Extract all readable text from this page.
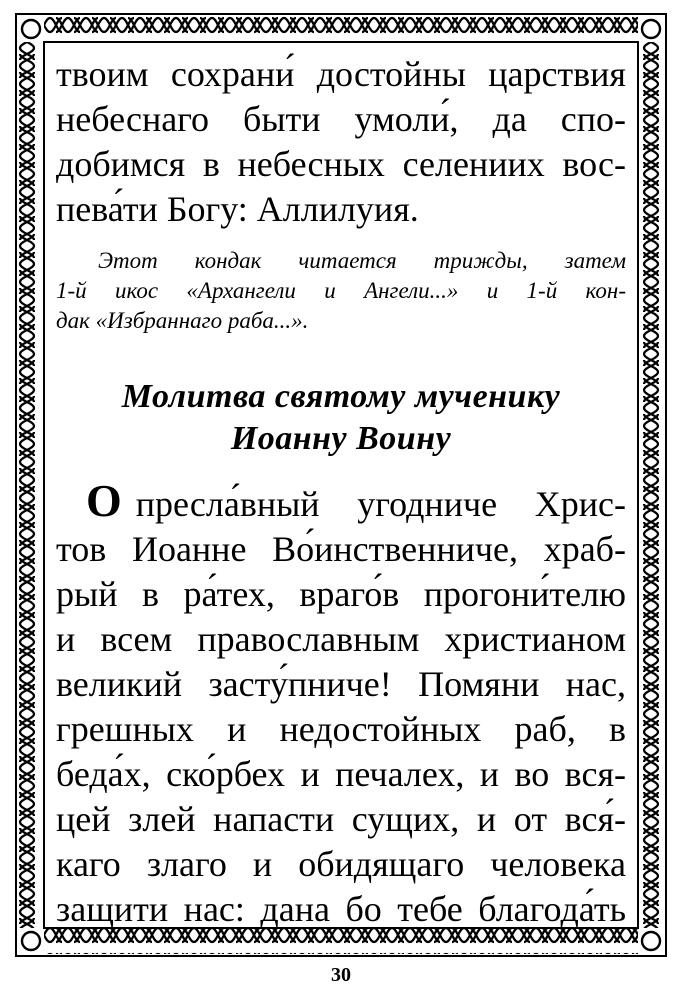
твоим сохрани́ достойны царствия
небеснаго быти умоли́, да спо-
добимся в небесных селениих вос-
пева́ти Богу: Аллилуия.
Этот кондак читается трижды, затем
1-й икос «Архангели и Ангели...» и 1-й кон-
дак «Избраннаго раба...».
Молитва святому мученику
Иоанну Воину
О пресла́вный угодниче Хрис-
тов Иоанне Во́инственниче, храб-
рый в ра́тех, враго́в прогони́телю
и всем православным христианом
великий засту́пниче! Помяни нас,
грешных и недостойных раб, в
беда́х, ско́рбех и печалех, и во вся-
цей злей напасти сущих, и от вся́-
каго злаго и обидящаго человека
защити нас: дана бо тебе благода́ть
30
